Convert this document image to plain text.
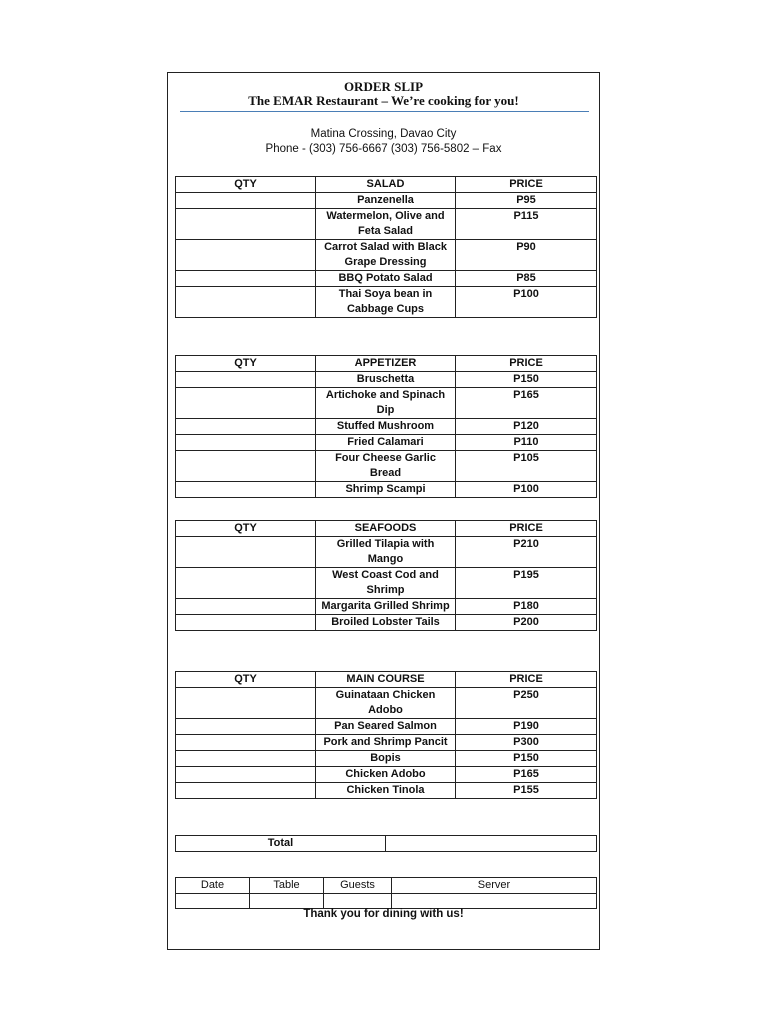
ORDER SLIP
The EMAR Restaurant – We’re cooking for you!
Matina Crossing, Davao City
Phone - (303) 756-6667 (303) 756-5802 – Fax
QTY	SALAD	PRICE
	Panzenella	P95
	Watermelon, Olive and Feta Salad	P115
	Carrot Salad with Black Grape Dressing	P90
	BBQ Potato Salad	P85
	Thai Soya bean in Cabbage Cups	P100
QTY	APPETIZER	PRICE
	Bruschetta	P150
	Artichoke and Spinach Dip	P165
	Stuffed Mushroom	P120
	Fried Calamari	P110
	Four Cheese Garlic Bread	P105
	Shrimp Scampi	P100
QTY	SEAFOODS	PRICE
	Grilled Tilapia with Mango	P210
	West Coast Cod and Shrimp	P195
	Margarita Grilled Shrimp	P180
	Broiled Lobster Tails	P200
QTY	MAIN COURSE	PRICE
	Guinataan Chicken Adobo	P250
	Pan Seared Salmon	P190
	Pork and Shrimp Pancit	P300
	Bopis	P150
	Chicken Adobo	P165
	Chicken Tinola	P155
Total	
Date	Table	Guests	Server

Thank you for dining with us!
